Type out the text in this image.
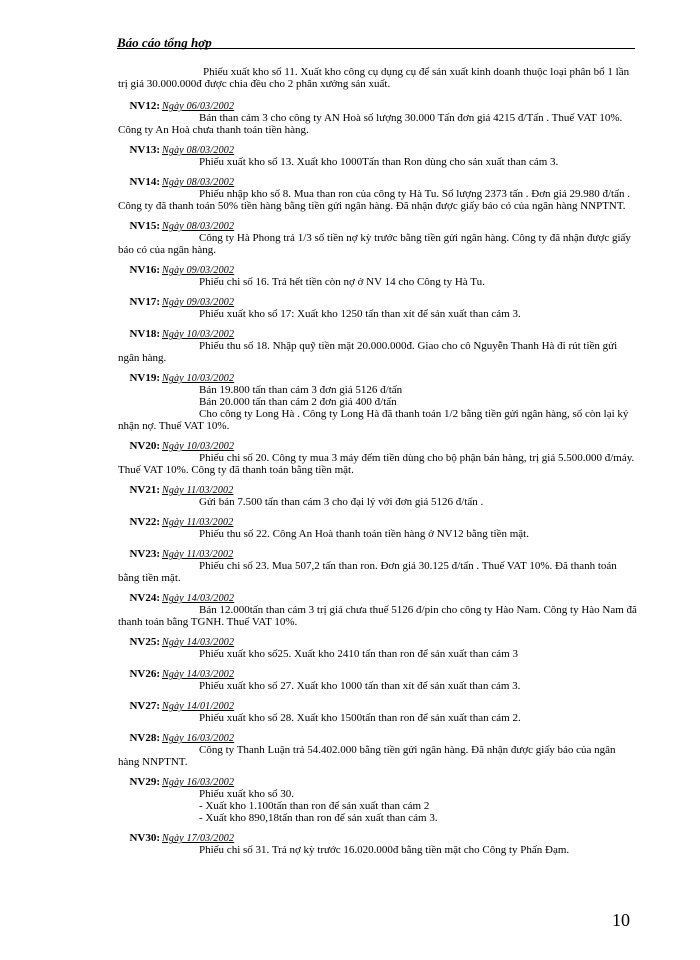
Báo cáo tổng hợp

Phiếu xuất kho số 11. Xuất kho công cụ dụng cụ để sản xuất kinh doanh thuộc loại phân bổ 1 lần trị giá 30.000.000đ được chia đều cho 2 phân xưởng sản xuất.

NV12: Ngày 06/03/2002
Bán than cám 3 cho công ty AN Hoà số lượng 30.000 Tấn đơn giá 4215 đ/Tấn . Thuế VAT 10%. Công ty An Hoà chưa thanh toán tiền hàng.
NV13: Ngày 08/03/2002
Phiếu xuất kho số 13. Xuất kho 1000Tấn than Ron dùng cho sản xuất than cám 3.
NV14: Ngày 08/03/2002
Phiếu nhập kho số 8. Mua than ron của công ty Hà Tu. Số lượng 2373 tấn . Đơn giá 29.980 đ/tấn . Công ty đã thanh toán 50% tiền hàng bằng tiền gửi ngân hàng. Đã nhận được giấy báo có của ngân hàng NNPTNT.
NV15: Ngày 08/03/2002
Công ty Hà Phong trả 1/3 số tiền nợ kỳ trước bằng tiền gửi ngân hàng. Công ty đã nhận được giấy báo có của ngân hàng.
NV16: Ngày 09/03/2002
Phiếu chi số 16. Trả hết tiền còn nợ ở NV 14 cho Công ty Hà Tu.
NV17: Ngày 09/03/2002
Phiếu xuất kho số 17: Xuất kho 1250 tấn than xít để sản xuất than cám 3.
NV18: Ngày 10/03/2002
Phiếu thu số 18. Nhập quỹ tiền mặt 20.000.000đ. Giao cho cô Nguyễn Thanh Hà đi rút tiền gửi ngân hàng.
NV19: Ngày 10/03/2002
Bán 19.800 tấn than cám 3 đơn giá 5126 đ/tấn
Bán 20.000 tấn than cám 2 đơn giá 400 đ/tấn
Cho công ty Long Hà . Công ty Long Hà đã thanh toán 1/2 bằng tiền gửi ngân hàng, số còn lại ký nhận nợ. Thuế VAT 10%.
NV20: Ngày 10/03/2002
Phiếu chi số 20. Công ty mua 3 máy đếm tiền dùng cho bộ phận bán hàng, trị giá 5.500.000 đ/máy. Thuế VAT 10%. Công ty đã thanh toán bằng tiền mặt.
NV21: Ngày 11/03/2002
Gửi bán 7.500 tấn than cám 3 cho đại lý với đơn giá 5126 đ/tấn .
NV22: Ngày 11/03/2002
Phiếu thu số 22. Công An Hoà thanh toán tiền hàng ở NV12 bằng tiền mặt.
NV23: Ngày 11/03/2002
Phiếu chi số 23. Mua 507,2 tấn than ron. Đơn giá 30.125 đ/tấn . Thuế VAT 10%. Đã thanh toán bằng tiền mặt.
NV24: Ngày 14/03/2002
Bán 12.000tấn than cám 3 trị giá chưa thuế 5126 đ/pin cho công ty Hào Nam. Công ty Hào Nam đã thanh toán bằng TGNH. Thuế VAT 10%.
NV25: Ngày 14/03/2002
Phiếu xuất kho số25. Xuất kho 2410 tấn than ron để sản xuất than cám 3
NV26: Ngày 14/03/2002
Phiếu xuất kho số 27. Xuất kho 1000 tấn than xít để sản xuất than cám 3.
NV27: Ngày 14/01/2002
Phiếu xuất kho số 28. Xuất kho 1500tấn than ron để sản xuất than cám 2.
NV28: Ngày 16/03/2002
Công ty Thanh Luận trả 54.402.000 bằng tiền gửi ngân hàng. Đã nhận được giấy báo của ngân hàng NNPTNT.
NV29: Ngày 16/03/2002
Phiếu xuất kho số 30.
- Xuất kho 1.100tấn than ron để sản xuất than cám 2
- Xuất kho 890,18tấn than ron để sản xuất than cám 3.
NV30: Ngày 17/03/2002
Phiếu chi số 31. Trả nợ kỳ trước 16.020.000đ bằng tiền mặt cho Công ty Phấn Đạm.
10
